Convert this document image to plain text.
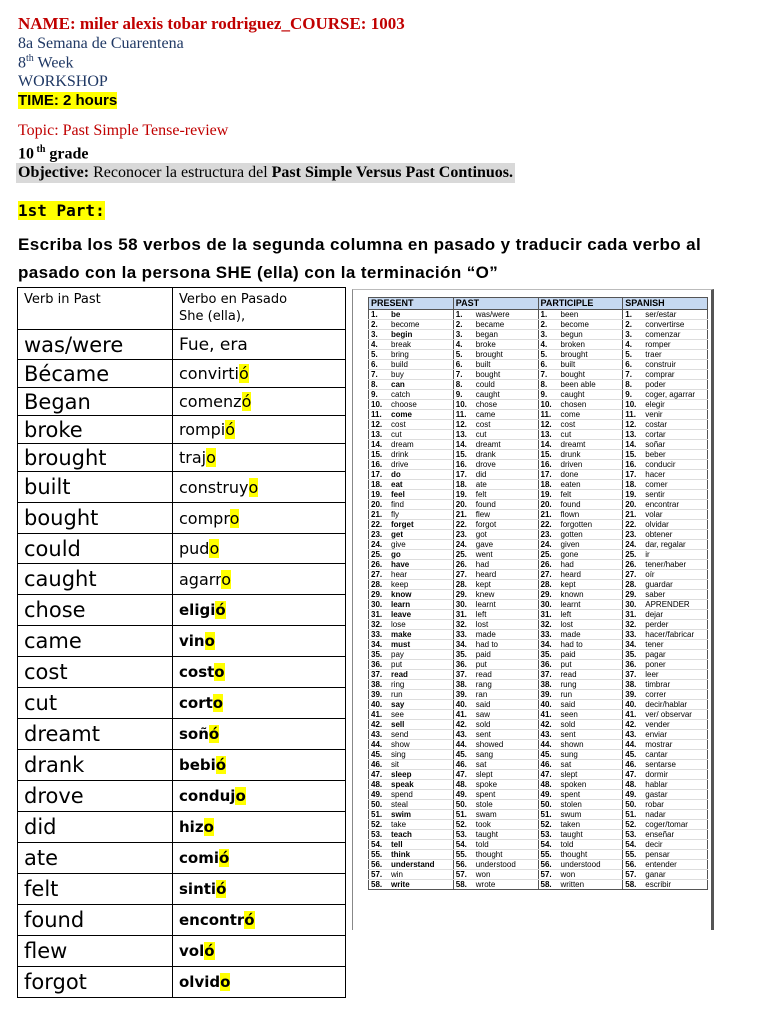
NAME: miler alexis tobar rodriguez_COURSE: 1003
8a Semana de Cuarentena
8th Week
WORKSHOP
TIME: 2 hours
Topic: Past Simple Tense-review
10 $^{th}$ grade
Objective: Reconocer la estructura del Past Simple Versus Past Continuos.
1st Part:
Escriba los 58 verbos de la segunda columna en pasado y traducir cada verbo al pasado con la persona SHE (ella) con la terminación “O”
Verb in Past	Verbo en Pasado
She (ella),
was/were	Fue, era
Bécame	convirtió
Began	comenzó
broke	rompió
brought	trajo
built	construyo
bought	compro
could	pudo
caught	agarro
chose	eligió
came	vino
cost	costo
cut	corto
dreamt	soñó
drank	bebió
drove	condujo
did	hizo
ate	comió
felt	sintió
found	encontró
flew	voló
forgot	olvido
PRESENT	PAST	PARTICIPLE	SPANISH
1. be	1. was/were	1. been	1. ser/estar
2. become	2. became	2. become	2. convertirse
3. begin	3. began	3. begun	3. comenzar
4. break	4. broke	4. broken	4. romper
5. bring	5. brought	5. brought	5. traer
6. build	6. built	6. built	6. construir
7. buy	7. bought	7. bought	7. comprar
8. can	8. could	8. been able	8. poder
9. catch	9. caught	9. caught	9. coger, agarrar
10. choose	10. chose	10. chosen	10. elegir
11. come	11. came	11. come	11. venir
12. cost	12. cost	12. cost	12. costar
13. cut	13. cut	13. cut	13. cortar
14. dream	14. dreamt	14. dreamt	14. soñar
15. drink	15. drank	15. drunk	15. beber
16. drive	16. drove	16. driven	16. conducir
17. do	17. did	17. done	17. hacer
18. eat	18. ate	18. eaten	18. comer
19. feel	19. felt	19. felt	19. sentir
20. find	20. found	20. found	20. encontrar
21. fly	21. flew	21. flown	21. volar
22. forget	22. forgot	22. forgotten	22. olvidar
23. get	23. got	23. gotten	23. obtener
24. give	24. gave	24. given	24. dar, regalar
25. go	25. went	25. gone	25. ir
26. have	26. had	26. had	26. tener/haber
27. hear	27. heard	27. heard	27. oír
28. keep	28. kept	28. kept	28. guardar
29. know	29. knew	29. known	29. saber
30. learn	30. learnt	30. learnt	30. APRENDER
31. leave	31. left	31. left	31. dejar
32. lose	32. lost	32. lost	32. perder
33. make	33. made	33. made	33. hacer/fabricar
34. must	34. had to	34. had to	34. tener
35. pay	35. paid	35. paid	35. pagar
36. put	36. put	36. put	36. poner
37. read	37. read	37. read	37. leer
38. ring	38. rang	38. rung	38. timbrar
39. run	39. ran	39. run	39. correr
40. say	40. said	40. said	40. decir/hablar
41. see	41. saw	41. seen	41. ver/ observar
42. sell	42. sold	42. sold	42. vender
43. send	43. sent	43. sent	43. enviar
44. show	44. showed	44. shown	44. mostrar
45. sing	45. sang	45. sung	45. cantar
46. sit	46. sat	46. sat	46. sentarse
47. sleep	47. slept	47. slept	47. dormir
48. speak	48. spoke	48. spoken	48. hablar
49. spend	49. spent	49. spent	49. gastar
50. steal	50. stole	50. stolen	50. robar
51. swim	51. swam	51. swum	51. nadar
52. take	52. took	52. taken	52. coger/tomar
53. teach	53. taught	53. taught	53. enseñar
54. tell	54. told	54. told	54. decir
55. think	55. thought	55. thought	55. pensar
56. understand	56. understood	56. understood	56. entender
57. win	57. won	57. won	57. ganar
58. write	58. wrote	58. written	58. escribir
